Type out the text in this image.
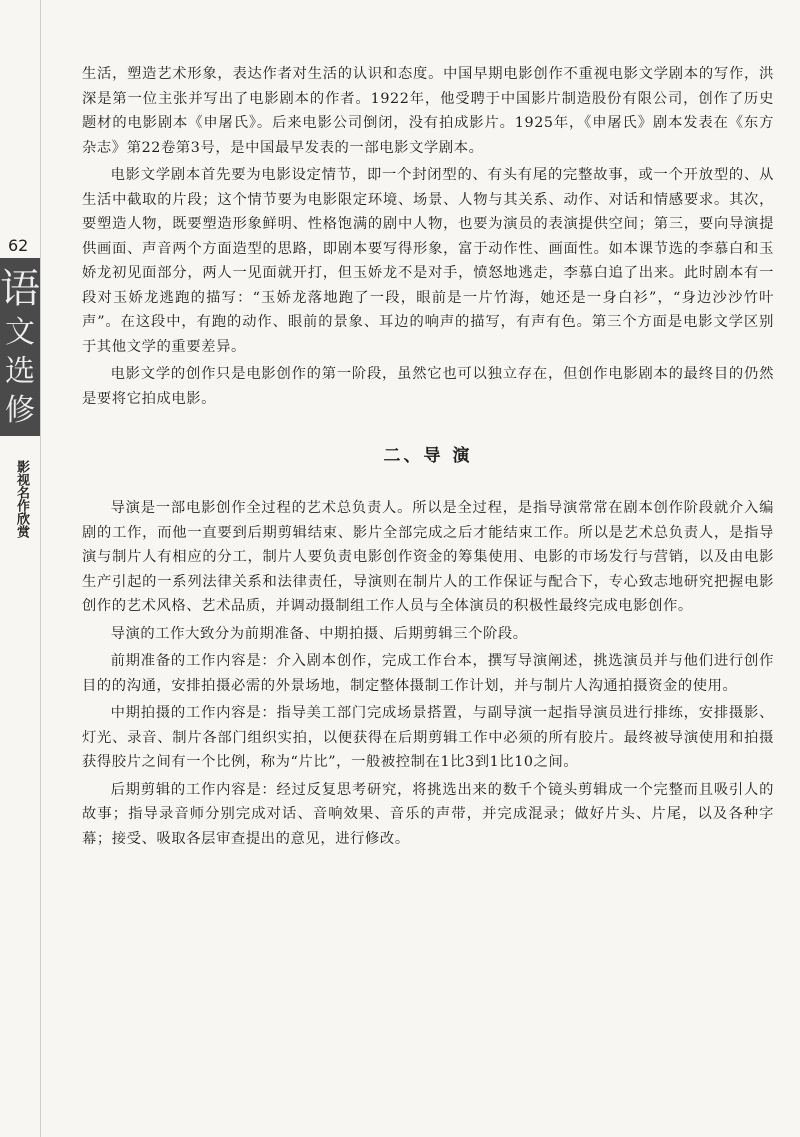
62
语
文
选
修
影视名作欣赏

生活，塑造艺术形象，表达作者对生活的认识和态度。中国早期电影创作不重视电影文学剧本的写作，洪深是第一位主张并写出了电影剧本的作者。1922年，他受聘于中国影片制造股份有限公司，创作了历史题材的电影剧本《申屠氏》。后来电影公司倒闭，没有拍成影片。1925年，《申屠氏》剧本发表在《东方杂志》第22卷第3号，是中国最早发表的一部电影文学剧本。

电影文学剧本首先要为电影设定情节，即一个封闭型的、有头有尾的完整故事，或一个开放型的、从生活中截取的片段；这个情节要为电影限定环境、场景、人物与其关系、动作、对话和情感要求。其次，要塑造人物，既要塑造形象鲜明、性格饱满的剧中人物，也要为演员的表演提供空间；第三，要向导演提供画面、声音两个方面造型的思路，即剧本要写得形象，富于动作性、画面性。如本课节选的李慕白和玉娇龙初见面部分，两人一见面就开打，但玉娇龙不是对手，愤怒地逃走，李慕白追了出来。此时剧本有一段对玉娇龙逃跑的描写：“玉娇龙落地跑了一段，眼前是一片竹海，她还是一身白衫”，“身边沙沙竹叶声”。在这段中，有跑的动作、眼前的景象、耳边的响声的描写，有声有色。第三个方面是电影文学区别于其他文学的重要差异。

电影文学的创作只是电影创作的第一阶段，虽然它也可以独立存在，但创作电影剧本的最终目的仍然是要将它拍成电影。

二、导 演

导演是一部电影创作全过程的艺术总负责人。所以是全过程，是指导演常常在剧本创作阶段就介入编剧的工作，而他一直要到后期剪辑结束、影片全部完成之后才能结束工作。所以是艺术总负责人，是指导演与制片人有相应的分工，制片人要负责电影创作资金的筹集使用、电影的市场发行与营销，以及由电影生产引起的一系列法律关系和法律责任，导演则在制片人的工作保证与配合下，专心致志地研究把握电影创作的艺术风格、艺术品质，并调动摄制组工作人员与全体演员的积极性最终完成电影创作。

导演的工作大致分为前期准备、中期拍摄、后期剪辑三个阶段。

前期准备的工作内容是：介入剧本创作，完成工作台本，撰写导演阐述，挑选演员并与他们进行创作目的的沟通，安排拍摄必需的外景场地，制定整体摄制工作计划，并与制片人沟通拍摄资金的使用。

中期拍摄的工作内容是：指导美工部门完成场景搭置，与副导演一起指导演员进行排练，安排摄影、灯光、录音、制片各部门组织实拍，以便获得在后期剪辑工作中必须的所有胶片。最终被导演使用和拍摄获得胶片之间有一个比例，称为“片比”，一般被控制在1比3到1比10之间。

后期剪辑的工作内容是：经过反复思考研究，将挑选出来的数千个镜头剪辑成一个完整而且吸引人的故事；指导录音师分别完成对话、音响效果、音乐的声带，并完成混录；做好片头、片尾，以及各种字幕；接受、吸取各层审查提出的意见，进行修改。
